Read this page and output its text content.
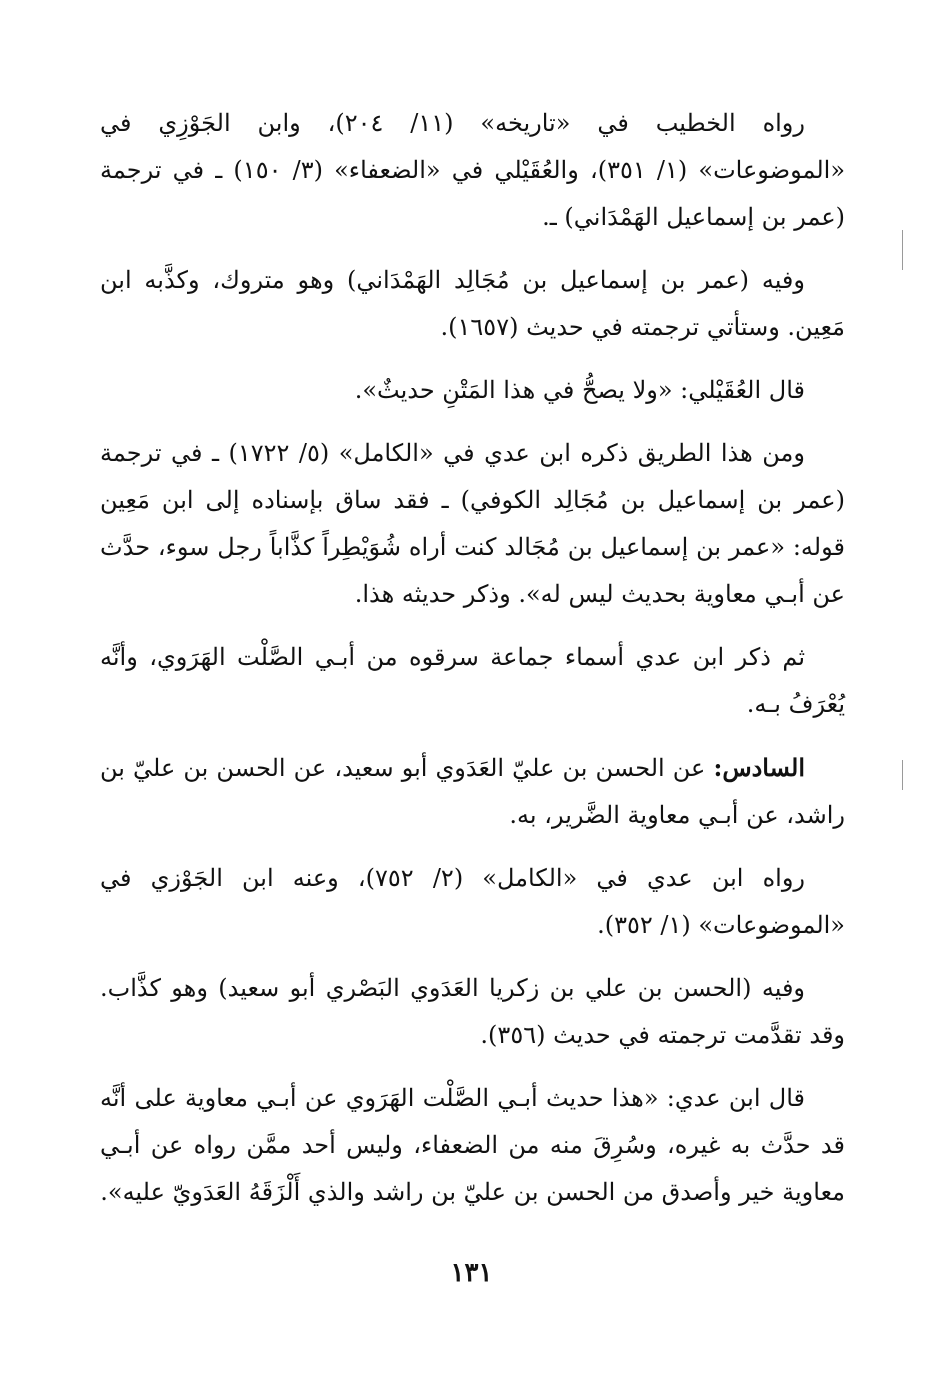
رواه الخطيب في «تاريخه» (١١/ ٢٠٤)، وابن الجَوْزِي في «الموضوعات» (١/ ٣٥١)، والعُقَيْلي في «الضعفاء» (٣/ ١٥٠) ـ في ترجمة (عمر بن إسماعيل الهَمْدَاني) ـ.

وفيه (عمر بن إسماعيل بن مُجَالِد الهَمْدَاني) وهو متروك، وكذَّبه ابن مَعِين. وستأتي ترجمته في حديث (١٦٥٧).

قال العُقَيْلي: «ولا يصحُّ في هذا المَتْنِ حديثٌ».

ومن هذا الطريق ذكره ابن عدي في «الكامل» (٥/ ١٧٢٢) ـ في ترجمة (عمر بن إسماعيل بن مُجَالِد الكوفي) ـ فقد ساق بإسناده إلى ابن مَعِين قوله: «عمر بن إسماعيل بن مُجَالد كنت أراه شُوَيْطِراً كذَّاباً رجل سوء، حدَّث عن أبـي معاوية بحديث ليس له». وذكر حديثه هذا.

ثم ذكر ابن عدي أسماء جماعة سرقوه من أبـي الصَّلْت الهَرَوي، وأنَّه يُعْرَفُ بـه.

السادس: عن الحسن بن عليّ العَدَوي أبو سعيد، عن الحسن بن عليّ بن راشد، عن أبـي معاوية الضَّرير، به.

رواه ابن عدي في «الكامل» (٢/ ٧٥٢)، وعنه ابن الجَوْزي في «الموضوعات» (١/ ٣٥٢).

وفيه (الحسن بن علي بن زكريا العَدَوي البَصْري أبو سعيد) وهو كذَّاب. وقد تقدَّمت ترجمته في حديث (٣٥٦).

قال ابن عدي: «هذا حديث أبـي الصَّلْت الهَرَوي عن أبـي معاوية على أنَّه قد حدَّث به غيره، وسُرِقَ منه من الضعفاء، وليس أحد ممَّن رواه عن أبـي معاوية خير وأصدق من الحسن بن عليّ بن راشد والذي أَلْزَقَهُ العَدَويّ عليه».

١٣١
